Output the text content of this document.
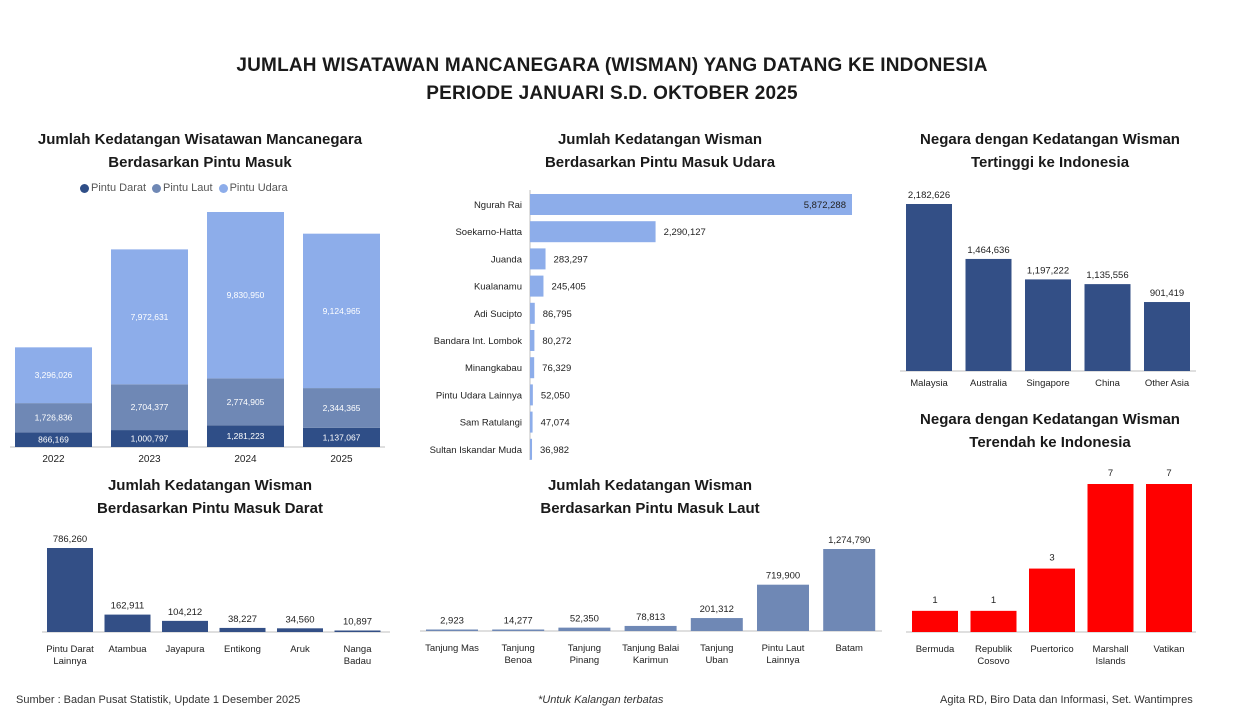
JUMLAH WISATAWAN MANCANEGARA (WISMAN) YANG DATANG KE INDONESIA
PERIODE JANUARI S.D. OKTOBER 2025
Jumlah Kedatangan Wisatawan Mancanegara
Berdasarkan Pintu Masuk
Pintu Darat Pintu Laut Pintu Udara
Jumlah Kedatangan Wisman
Berdasarkan Pintu Masuk Udara
Negara dengan Kedatangan Wisman
Tertinggi ke Indonesia
Jumlah Kedatangan Wisman
Berdasarkan Pintu Masuk Darat
Jumlah Kedatangan Wisman
Berdasarkan Pintu Masuk Laut
Negara dengan Kedatangan Wisman
Terendah ke Indonesia
866,169
1,726,836
3,296,026
2022
1,000,797
2,704,377
7,972,631
2023
1,281,223
2,774,905
9,830,950
2024
1,137,067
2,344,365
9,124,965
2025
Ngurah Rai	5,872,288
Soekarno-Hatta	2,290,127
Juanda	283,297
Kualanamu	245,405
Adi Sucipto 86,795
Bandara Int. Lombok 80,272
Minangkabau 76,329
Pintu Udara Lainnya 52,050
Sam Ratulangi 47,074
Sultan Iskandar Muda 36,982
2,182,626
Malaysia
1,464,636
Australia
1,197,222
Singapore
1,135,556
China
901,419
Other Asia
786,260
Pintu Darat
Lainnya
162,911
Atambua
104,212
Jayapura
38,227
Entikong
34,560
Aruk
10,897
Nanga
Badau
2,923
Tanjung Mas
14,277
Tanjung
Benoa
52,350
Tanjung
Pinang
78,813
Tanjung Balai
Karimun
201,312
Tanjung
Uban
719,900
Pintu Laut
Lainnya
1,274,790
Batam
1
Bermuda
1
Republik
Cosovo
3
Puertorico
7
Marshall
Islands
7
Vatikan
Sumber : Badan Pusat Statistik, Update 1 Desember 2025	*Untuk Kalangan terbatas	Agita RD, Biro Data dan Informasi, Set. Wantimpres
